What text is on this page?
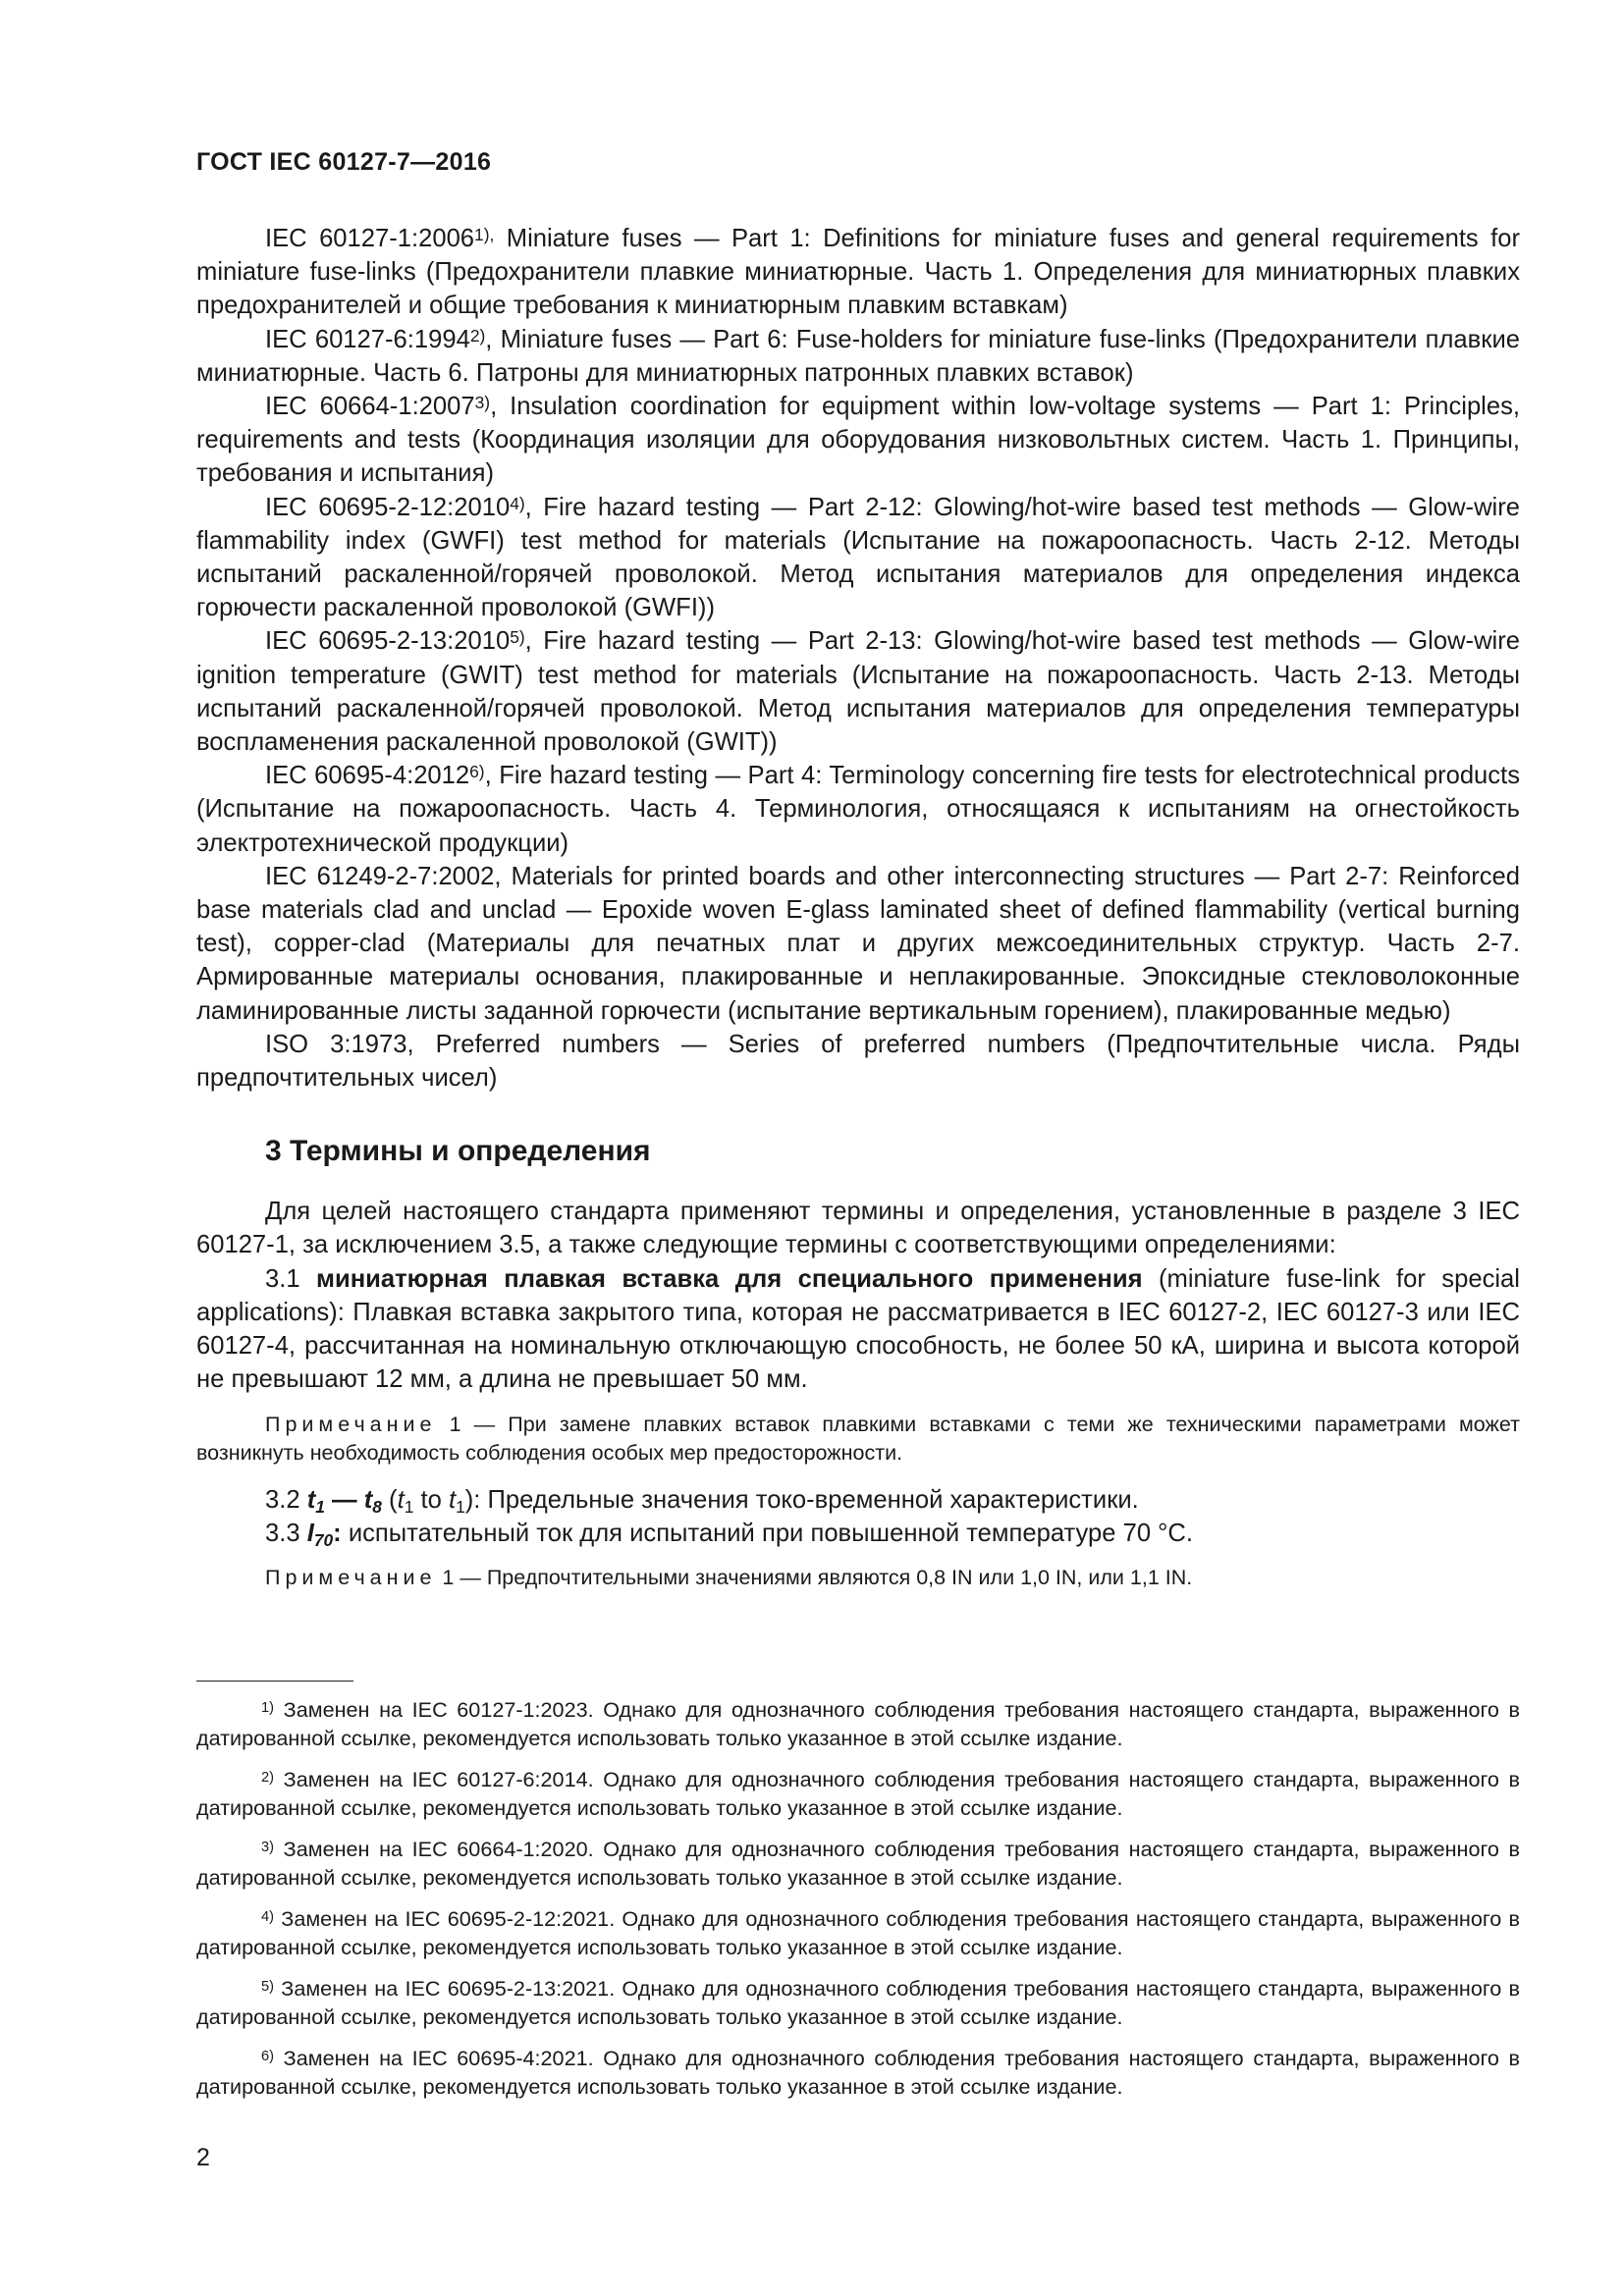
ГОСТ IEC 60127-7—2016

IEC $60127-1:2006^{1),}$ Miniature fuses — Part 1: Definitions for miniature fuses and general requirements for miniature fuse-links (Предохранители плавкие миниатюрные. Часть 1. Определения для миниатюрных плавких предохранителей и общие требования к миниатюрным плавким вставкам)

IEC 60127-6:1994$^{2)}$, Miniature fuses — Part 6: Fuse-holders for miniature fuse-links (Предохранители плавкие миниатюрные. Часть 6. Патроны для миниатюрных патронных плавких вставок)

IEC 60664-1:2007$^{3)}$, Insulation coordination for equipment within low-voltage systems — Part 1: Principles, requirements and tests (Координация изоляции для оборудования низковольтных систем. Часть 1. Принципы, требования и испытания)

IEC 60695-2-12:2010$^{4)}$, Fire hazard testing — Part 2-12: Glowing/hot-wire based test methods — Glow-wire flammability index (GWFI) test method for materials (Испытание на пожароопасность. Часть 2-12. Методы испытаний раскаленной/горячей проволокой. Метод испытания материалов для определения индекса горючести раскаленной проволокой (GWFI))

IEC 60695-2-13:2010$^{5)}$, Fire hazard testing — Part 2-13: Glowing/hot-wire based test methods — Glow-wire ignition temperature (GWIT) test method for materials (Испытание на пожароопасность. Часть 2-13. Методы испытаний раскаленной/горячей проволокой. Метод испытания материалов для определения температуры воспламенения раскаленной проволокой (GWIT))

IEC 60695-4:2012$^{6)}$, Fire hazard testing — Part 4: Terminology concerning fire tests for electrotechnical products (Испытание на пожароопасность. Часть 4. Терминология, относящаяся к испытаниям на огнестойкость электротехнической продукции)

IEC 61249-2-7:2002, Materials for printed boards and other interconnecting structures — Part 2-7: Reinforced base materials clad and unclad — Epoxide woven E-glass laminated sheet of defined flammability (vertical burning test), copper-clad (Материалы для печатных плат и других межсоединительных структур. Часть 2-7. Армированные материалы основания, плакированные и неплакированные. Эпоксидные стекловолоконные ламинированные листы заданной горючести (испытание вертикальным горением), плакированные медью)

ISO 3:1973, Preferred numbers — Series of preferred numbers (Предпочтительные числа. Ряды предпочтительных чисел)

3 Термины и определения

Для целей настоящего стандарта применяют термины и определения, установленные в разделе 3 IEC 60127-1, за исключением 3.5, а также следующие термины с соответствующими определениями:

3.1 миниатюрная плавкая вставка для специального применения (miniature fuse-link for special applications): Плавкая вставка закрытого типа, которая не рассматривается в IEC 60127-2, IEC 60127-3 или IEC 60127-4, рассчитанная на номинальную отключающую способность, не более 50 кА, ширина и высота которой не превышают 12 мм, а длина не превышает 50 мм.

Примечание 1 — При замене плавких вставок плавкими вставками с теми же техническими параметрами может возникнуть необходимость соблюдения особых мер предосторожности.

3.2 $t_1$ — $t_8$ ($t_1$ to $t_1$): Предельные значения токо-временной характеристики.

3.3 $I_{70}$: испытательный ток для испытаний при повышенной температуре 70 °C.

Примечание 1 — Предпочтительными значениями являются 0,8 IN или 1,0 IN, или 1,1 IN.

$^{1)}$ Заменен на IEC 60127-1:2023. Однако для однозначного соблюдения требования настоящего стандарта, выраженного в датированной ссылке, рекомендуется использовать только указанное в этой ссылке издание.

$^{2)}$ Заменен на IEC 60127-6:2014. Однако для однозначного соблюдения требования настоящего стандарта, выраженного в датированной ссылке, рекомендуется использовать только указанное в этой ссылке издание.

$^{3)}$ Заменен на IEC 60664-1:2020. Однако для однозначного соблюдения требования настоящего стандарта, выраженного в датированной ссылке, рекомендуется использовать только указанное в этой ссылке издание.

$^{4)}$ Заменен на IEC 60695-2-12:2021. Однако для однозначного соблюдения требования настоящего стандарта, выраженного в датированной ссылке, рекомендуется использовать только указанное в этой ссылке издание.

$^{5)}$ Заменен на IEC 60695-2-13:2021. Однако для однозначного соблюдения требования настоящего стандарта, выраженного в датированной ссылке, рекомендуется использовать только указанное в этой ссылке издание.

$^{6)}$ Заменен на IEC 60695-4:2021. Однако для однозначного соблюдения требования настоящего стандарта, выраженного в датированной ссылке, рекомендуется использовать только указанное в этой ссылке издание.

2
